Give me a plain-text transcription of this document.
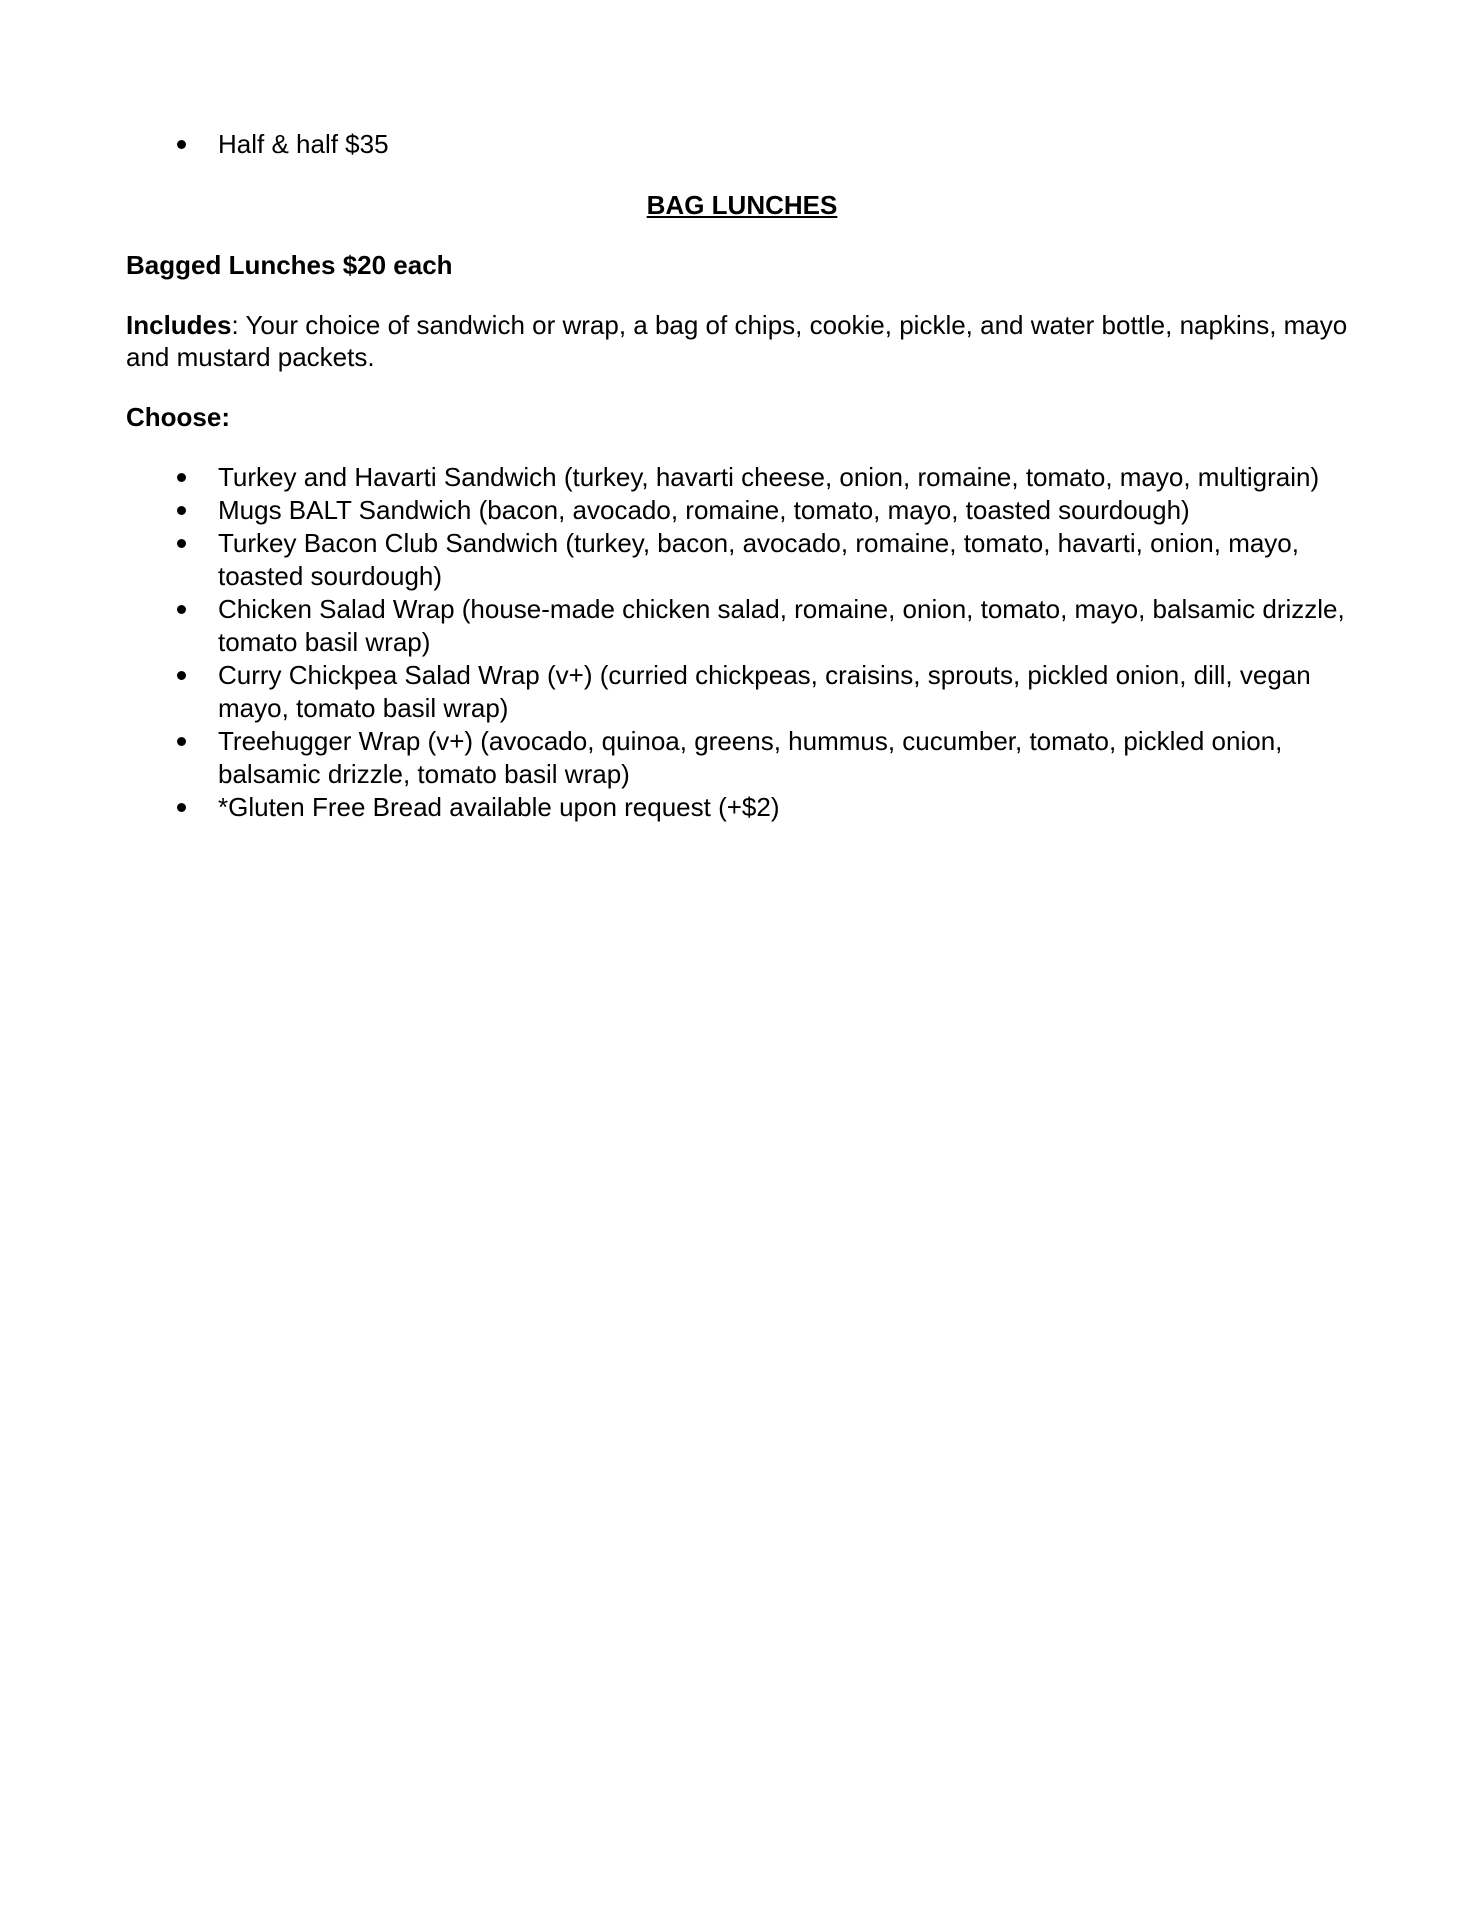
Half & half $35
BAG LUNCHES
Bagged Lunches $20 each
Includes: Your choice of sandwich or wrap, a bag of chips, cookie, pickle, and water bottle, napkins, mayo and mustard packets.
Choose:
Turkey and Havarti Sandwich (turkey, havarti cheese, onion, romaine, tomato, mayo, multigrain)
Mugs BALT Sandwich (bacon, avocado, romaine, tomato, mayo, toasted sourdough)
Turkey Bacon Club Sandwich (turkey, bacon, avocado, romaine, tomato, havarti, onion, mayo, toasted sourdough)
Chicken Salad Wrap (house-made chicken salad, romaine, onion, tomato, mayo, balsamic drizzle, tomato basil wrap)
Curry Chickpea Salad Wrap (v+) (curried chickpeas, craisins, sprouts, pickled onion, dill, vegan mayo, tomato basil wrap)
Treehugger Wrap (v+) (avocado, quinoa, greens, hummus, cucumber, tomato, pickled onion, balsamic drizzle, tomato basil wrap)
*Gluten Free Bread available upon request (+$2)
